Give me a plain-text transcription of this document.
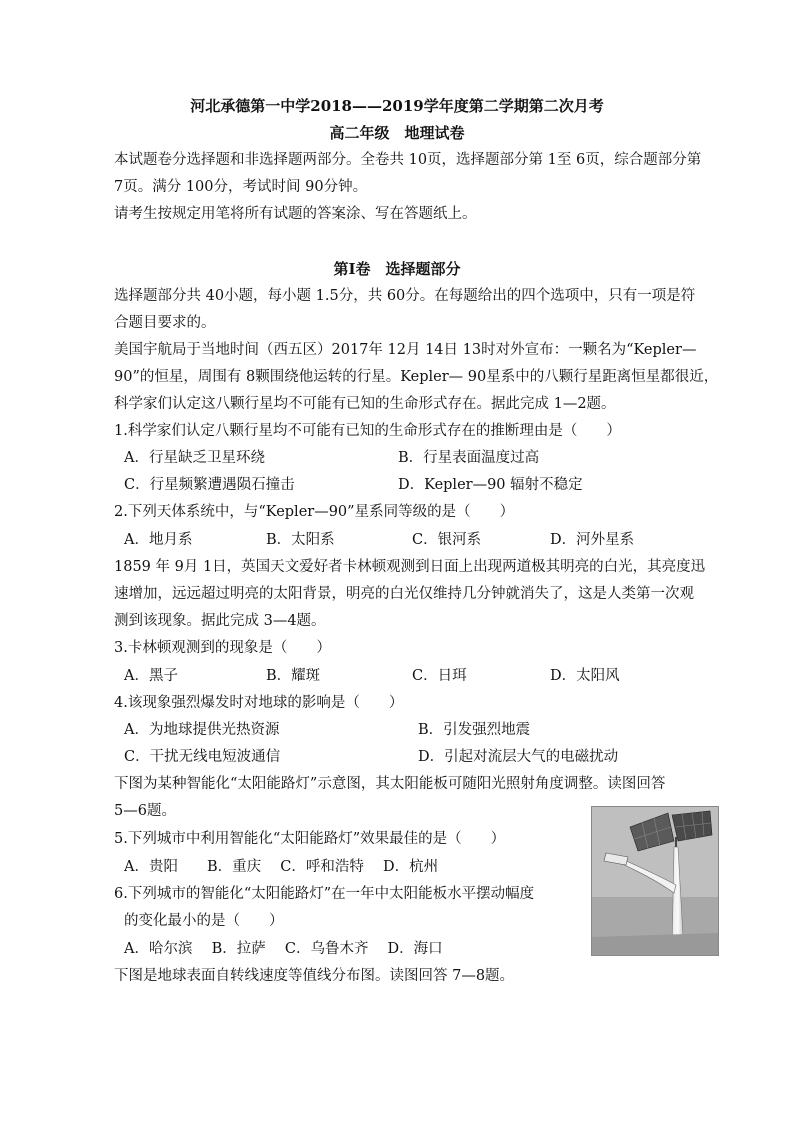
河北承德第一中学2018——2019学年度第二学期第二次月考
高二年级　地理试卷
本试题卷分选择题和非选择题两部分。全卷共 10页，选择题部分第 1至 6页，综合题部分第
7页。满分 100分，考试时间 90分钟。
请考生按规定用笔将所有试题的答案涂、写在答题纸上。
第Ⅰ卷　选择题部分
选择题部分共 40小题，每小题 1.5分，共 60分。在每题给出的四个选项中，只有一项是符
合题目要求的。
美国宇航局于当地时间（西五区）2017年 12月 14日 13时对外宣布：一颗名为“Kepler—
90”的恒星，周围有 8颗围绕他运转的行星。Kepler— 90星系中的八颗行星距离恒星都很近，
科学家们认定这八颗行星均不可能有已知的生命形式存在。据此完成 1—2题。
1.科学家们认定八颗行星均不可能有已知的生命形式存在的推断理由是（　　）
A．行星缺乏卫星环绕	B．行星表面温度过高
C．行星频繁遭遇陨石撞击	D．Kepler—90 辐射不稳定
2.下列天体系统中，与“Kepler—90”星系同等级的是（　　）
A．地月系	B．太阳系	C．银河系	D．河外星系
1859 年 9月 1日，英国天文爱好者卡林顿观测到日面上出现两道极其明亮的白光，其亮度迅
速增加，远远超过明亮的太阳背景，明亮的白光仅维持几分钟就消失了，这是人类第一次观
测到该现象。据此完成 3—4题。
3.卡林顿观测到的现象是（　　）
A．黑子	B．耀斑	C．日珥	D．太阳风
4.该现象强烈爆发时对地球的影响是（　　）
A．为地球提供光热资源	B．引发强烈地震
C．干扰无线电短波通信	D．引起对流层大气的电磁扰动
下图为某种智能化“太阳能路灯”示意图，其太阳能板可随阳光照射角度调整。读图回答
5—6题。
5.下列城市中利用智能化“太阳能路灯”效果最佳的是（　　）
A．贵阳　　B．重庆　 C．呼和浩特　 D．杭州
6.下列城市的智能化“太阳能路灯”在一年中太阳能板水平摆动幅度
的变化最小的是（　　）
A．哈尔滨　 B．拉萨　 C．乌鲁木齐　 D．海口
下图是地球表面自转线速度等值线分布图。读图回答 7—8题。
